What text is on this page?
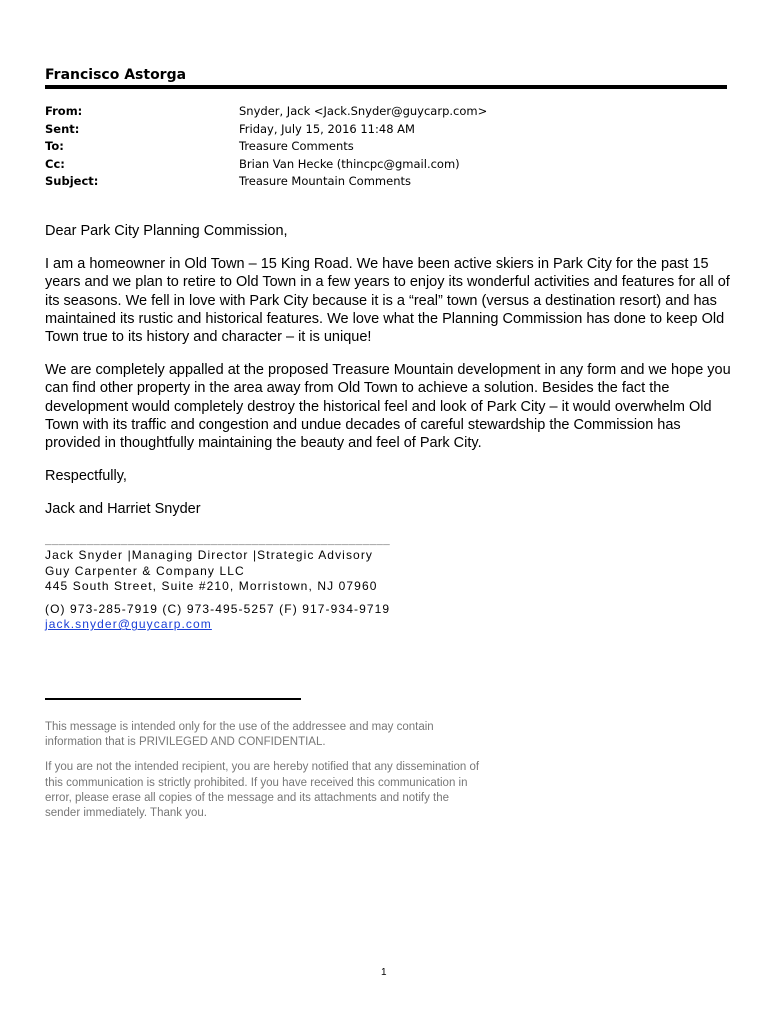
Francisco Astorga
From:	Snyder, Jack <Jack.Snyder@guycarp.com>
Sent:	Friday, July 15, 2016 11:48 AM
To:	Treasure Comments
Cc:	Brian Van Hecke (thincpc@gmail.com)
Subject:	Treasure Mountain Comments

Dear Park City Planning Commission,

I am a homeowner in Old Town – 15 King Road. We have been active skiers in Park City for the past 15 years and we plan to retire to Old Town in a few years to enjoy its wonderful activities and features for all of its seasons. We fell in love with Park City because it is a “real” town (versus a destination resort) and has maintained its rustic and historical features. We love what the Planning Commission has done to keep Old Town true to its history and character – it is unique!

We are completely appalled at the proposed Treasure Mountain development in any form and we hope you can find other property in the area away from Old Town to achieve a solution. Besides the fact the development would completely destroy the historical feel and look of Park City – it would overwhelm Old Town with its traffic and congestion and undue decades of careful stewardship the Commission has provided in thoughtfully maintaining the beauty and feel of Park City.

Respectfully,

Jack and Harriet Snyder

__________________________________________________
Jack Snyder |Managing Director |Strategic Advisory
Guy Carpenter & Company LLC
445 South Street, Suite #210, Morristown, NJ 07960
(O) 973-285-7919 (C) 973-495-5257 (F) 917-934-9719
jack.snyder@guycarp.com

This message is intended only for the use of the addressee and may contain information that is PRIVILEGED AND CONFIDENTIAL.

If you are not the intended recipient, you are hereby notified that any dissemination of this communication is strictly prohibited. If you have received this communication in error, please erase all copies of the message and its attachments and notify the sender immediately. Thank you.

1
